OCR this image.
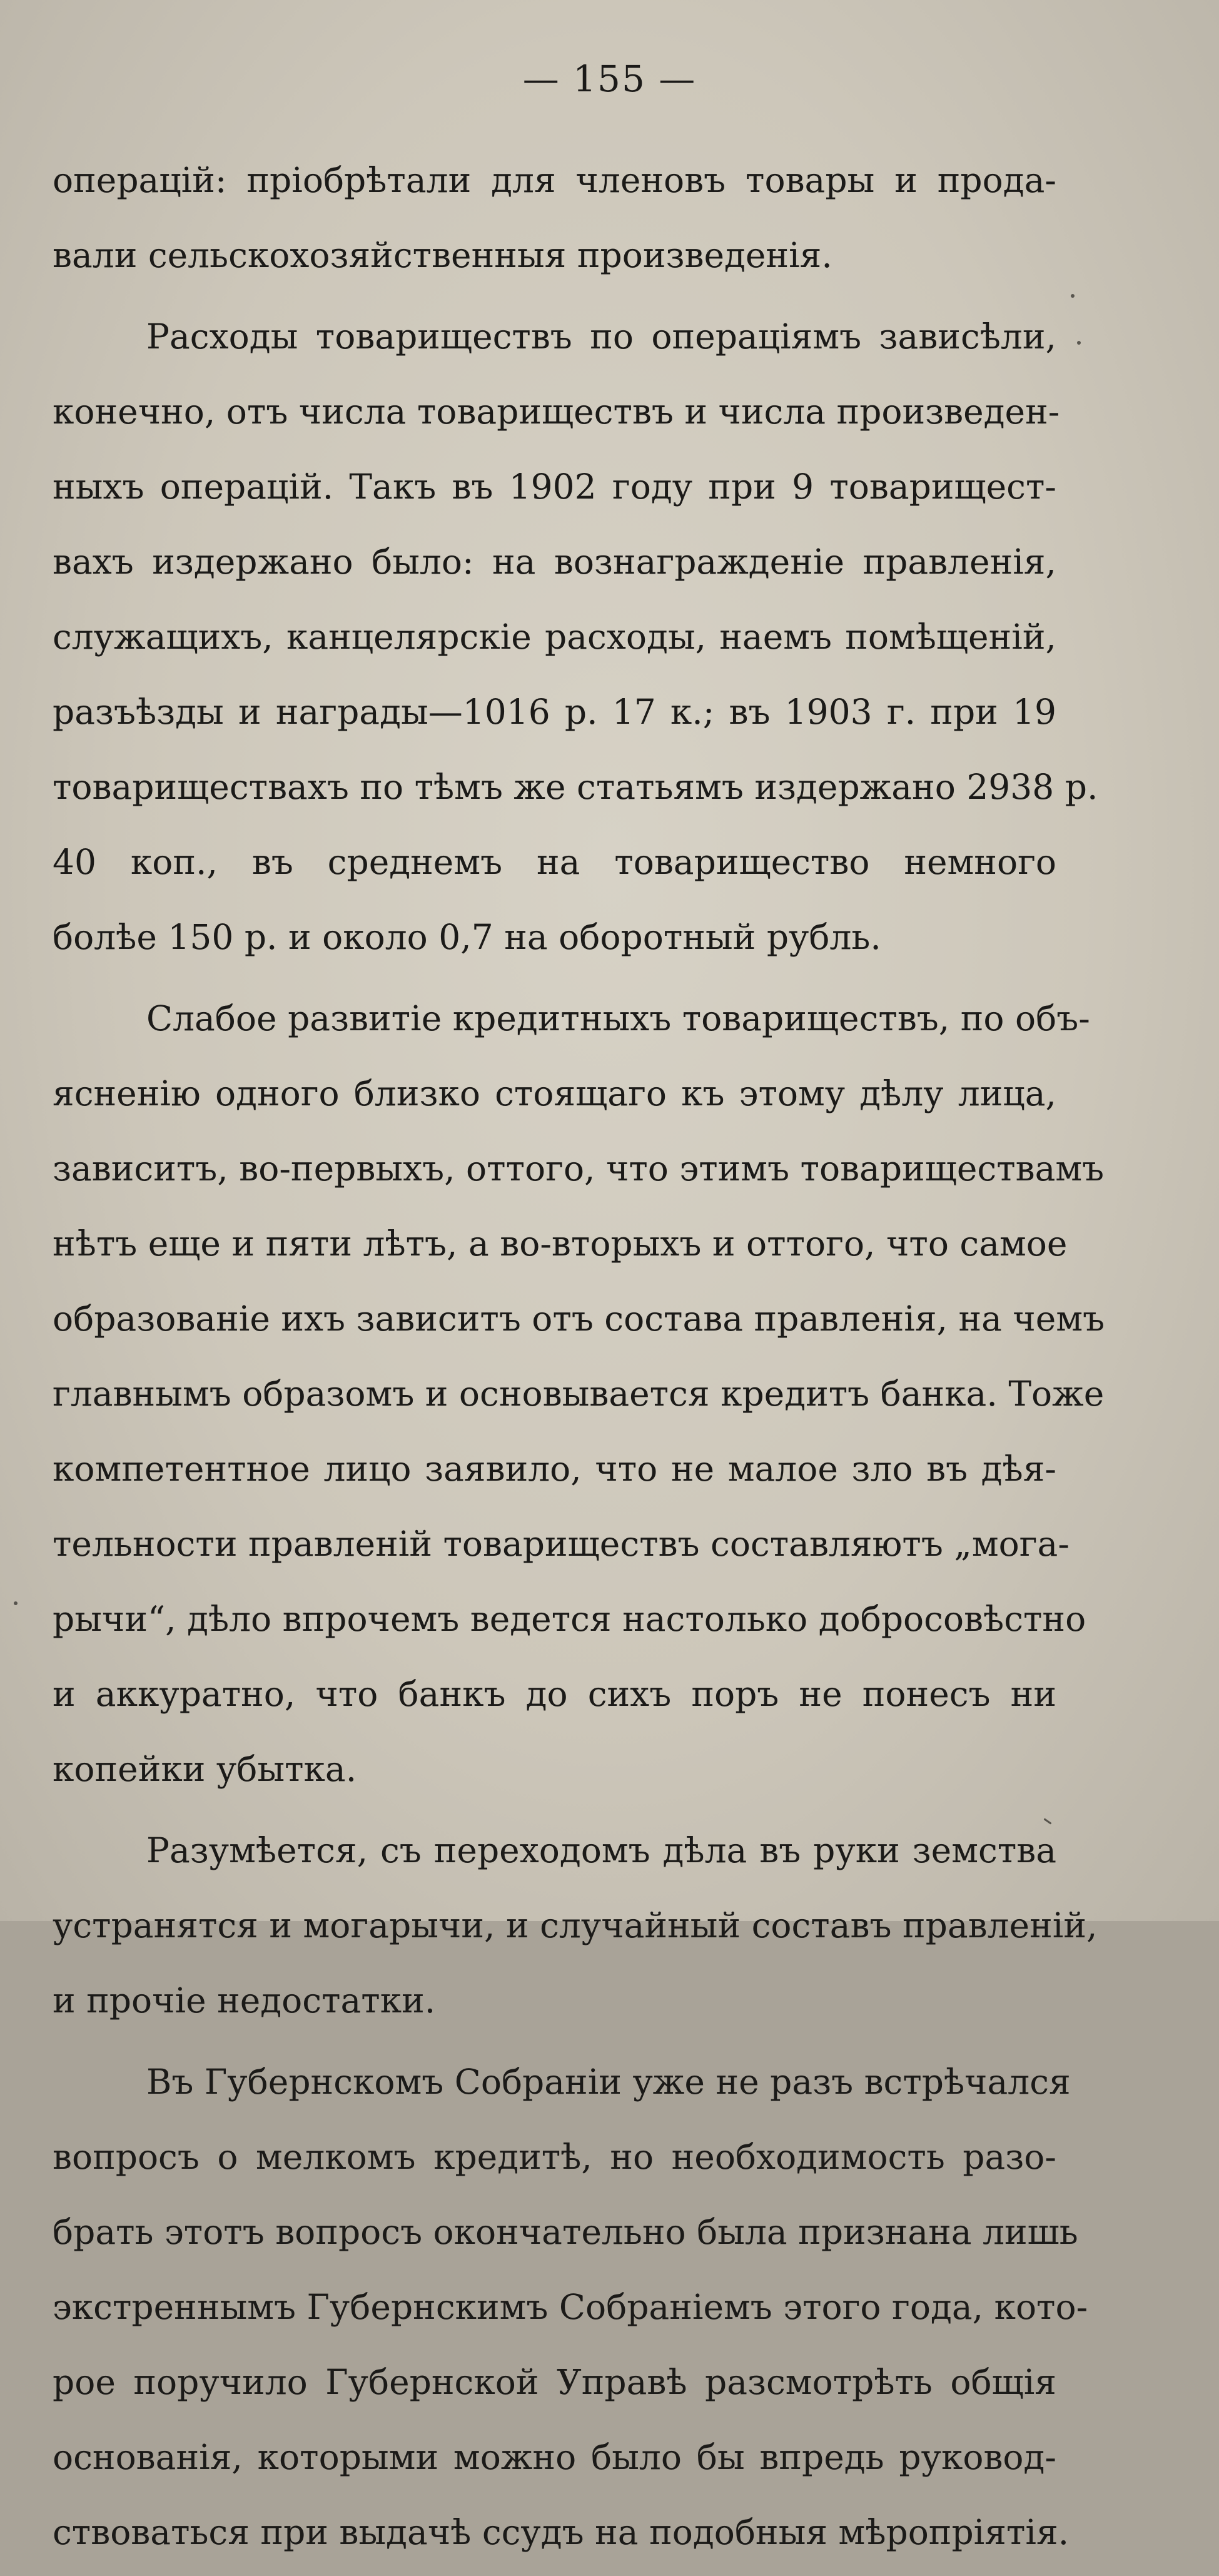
— 155 —

операцій: пріобрѣтали для членовъ товары и прода-
вали сельскохозяйственныя произведенія.

Расходы товариществъ по операціямъ зависѣли,
конечно, отъ числа товариществъ и числа произведен-
ныхъ операцій. Такъ въ 1902 году при 9 товарищест-
вахъ издержано было: на вознагражденіе правленія,
служащихъ, канцелярскіе расходы, наемъ помѣщеній,
разъѣзды и награды—1016 р. 17 к.; въ 1903 г. при 19
товариществахъ по тѣмъ же статьямъ издержано 2938 р.
40 коп., въ среднемъ на товарищество немного
болѣе 150 р. и около 0,7 на оборотный рубль.

Слабое развитіе кредитныхъ товариществъ, по объ-
ясненію одного близко стоящаго къ этому дѣлу лица,
зависитъ, во-первыхъ, оттого, что этимъ товариществамъ
нѣтъ еще и пяти лѣтъ, а во-вторыхъ и оттого, что самое
образованіе ихъ зависитъ отъ состава правленія, на чемъ
главнымъ образомъ и основывается кредитъ банка. Тоже
компетентное лицо заявило, что не малое зло въ дѣя-
тельности правленій товариществъ составляютъ „мога-
рычи“, дѣло впрочемъ ведется настолько добросовѣстно
и аккуратно, что банкъ до сихъ поръ не понесъ ни
копейки убытка.

Разумѣется, съ переходомъ дѣла въ руки земства
устранятся и могарычи, и случайный составъ правленій,
и прочіе недостатки.

Въ Губернскомъ Собраніи уже не разъ встрѣчался
вопросъ о мелкомъ кредитѣ, но необходимость разо-
брать этотъ вопросъ окончательно была признана лишь
экстреннымъ Губернскимъ Собраніемъ этого года, кото-
рое поручило Губернской Управѣ разсмотрѣть общія
основанія, которыми можно было бы впредь руковод-
ствоваться при выдачѣ ссудъ на подобныя мѣропріятія.
